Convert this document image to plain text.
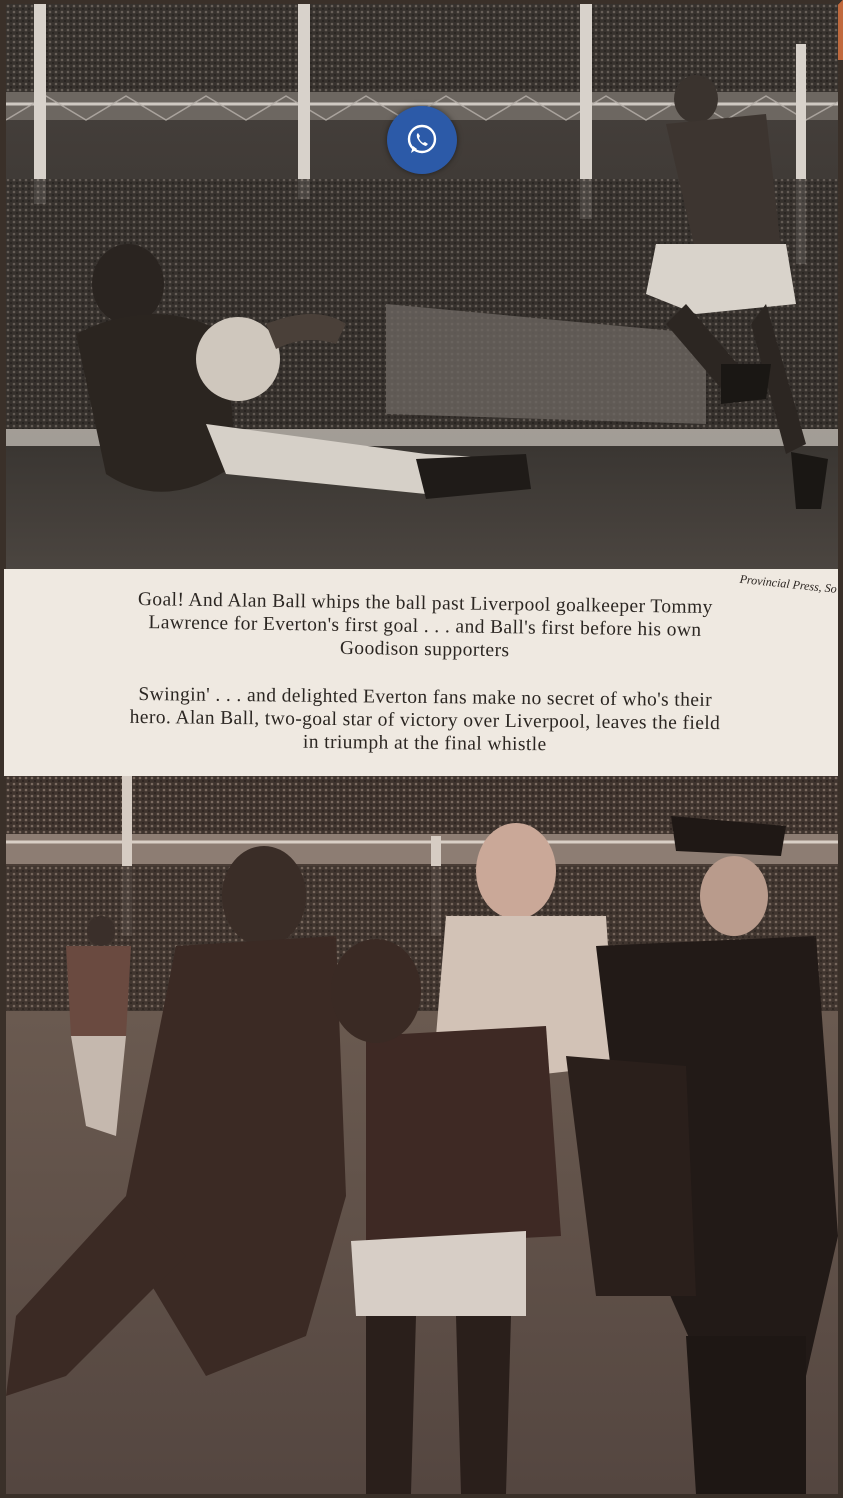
Provincial Press, So
Goal! And Alan Ball whips the ball past Liverpool goalkeeper Tommy
Lawrence for Everton's first goal . . . and Ball's first before his own
Goodison supporters
Swingin' . . . and delighted Everton fans make no secret of who's their
hero. Alan Ball, two-goal star of victory over Liverpool, leaves the field
in triumph at the final whistle
